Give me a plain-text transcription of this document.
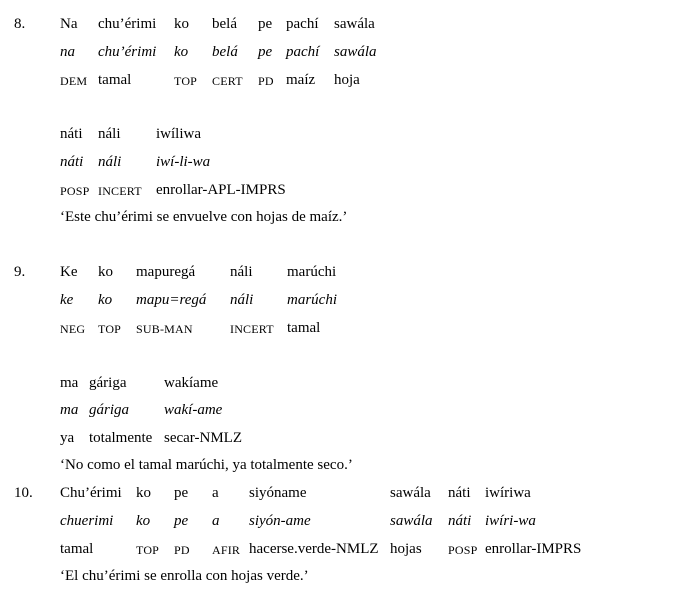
8. Na chu’érimi ko belá pe pachí sawála
na chu’érimi ko belá pe pachí sawála
DEM tamal	TOP CERT PD maíz hoja
náti náli iwíliwa
náti náli iwí-li-wa
POSP INCERT enrollar-APL-IMPRS
‘Este chu’érimi se envuelve con hojas de maíz.’
9. Ke ko mapuregá náli marúchi
ke ko mapu=regá náli marúchi
NEG TOP SUB-MAN	INCERT tamal
ma gáriga	wakíame
ma gáriga wakí-ame
ya totalmente secar-NMLZ
‘No como el tamal marúchi, ya totalmente seco.’
10. Chu’érimi ko pe a siyóname	sawála náti iwíriwa
chuerimi ko pe a siyón-ame	sawála náti iwíri-wa
tamal	TOP PD AFIR hacerse.verde-NMLZ hojas POSP enrollar-IMPRS
‘El chu’érimi se enrolla con hojas verde.’
